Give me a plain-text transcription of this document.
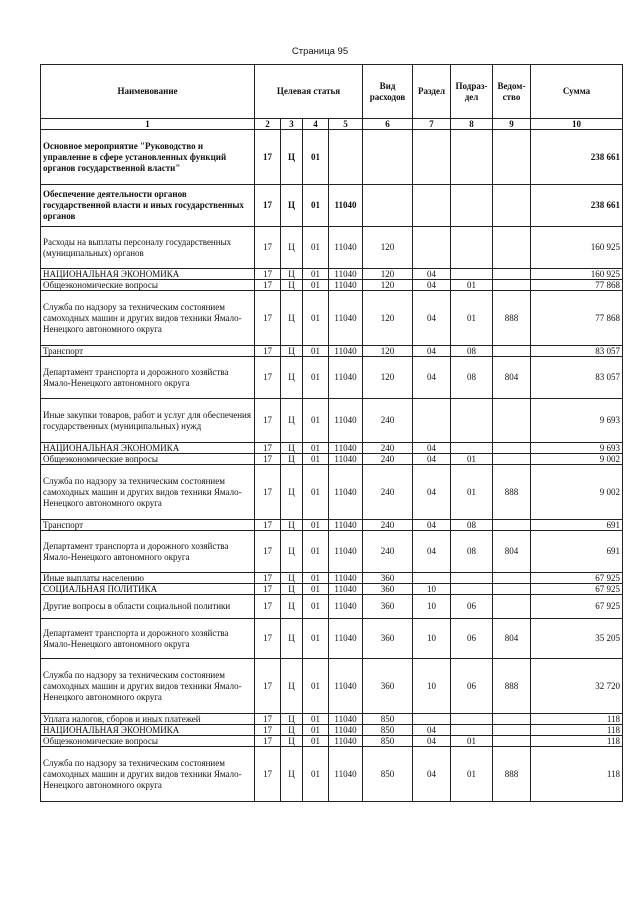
Страница 95
Наименование	Целевая статья				Вид расходов	Раздел	Подраз-дел	Ведом-ство	Сумма
1	2	3	4	5	6	7	8	9	10
Основное мероприятие "Руководство и управление в сфере установленных функций органов государственной власти"	17	Ц	01						238 661
Обеспечение деятельности органов государственной власти и иных государственных органов	17	Ц	01	11040					238 661
Расходы на выплаты персоналу государственных (муниципальных) органов	17	Ц	01	11040	120				160 925
НАЦИОНАЛЬНАЯ ЭКОНОМИКА	17	Ц	01	11040	120	04			160 925
Общеэкономические вопросы	17	Ц	01	11040	120	04	01		77 868
Служба по надзору за техническим состоянием самоходных машин и других видов техники Ямало-Ненецкого автономного округа	17	Ц	01	11040	120	04	01	888	77 868
Транспорт	17	Ц	01	11040	120	04	08		83 057
Департамент транспорта и дорожного хозяйства Ямало-Ненецкого автономного округа	17	Ц	01	11040	120	04	08	804	83 057
Иные закупки товаров, работ и услуг для обеспечения государственных (муниципальных) нужд	17	Ц	01	11040	240				9 693
НАЦИОНАЛЬНАЯ ЭКОНОМИКА	17	Ц	01	11040	240	04			9 693
Общеэкономические вопросы	17	Ц	01	11040	240	04	01		9 002
Служба по надзору за техническим состоянием самоходных машин и других видов техники Ямало-Ненецкого автономного округа	17	Ц	01	11040	240	04	01	888	9 002
Транспорт	17	Ц	01	11040	240	04	08		691
Департамент транспорта и дорожного хозяйства Ямало-Ненецкого автономного округа	17	Ц	01	11040	240	04	08	804	691
Иные выплаты населению	17	Ц	01	11040	360				67 925
СОЦИАЛЬНАЯ ПОЛИТИКА	17	Ц	01	11040	360	10			67 925
Другие вопросы в области социальной политики	17	Ц	01	11040	360	10	06		67 925
Департамент транспорта и дорожного хозяйства Ямало-Ненецкого автономного округа	17	Ц	01	11040	360	10	06	804	35 205
Служба по надзору за техническим состоянием самоходных машин и других видов техники Ямало-Ненецкого автономного округа	17	Ц	01	11040	360	10	06	888	32 720
Уплата налогов, сборов и иных платежей	17	Ц	01	11040	850				118
НАЦИОНАЛЬНАЯ ЭКОНОМИКА	17	Ц	01	11040	850	04			118
Общеэкономические вопросы	17	Ц	01	11040	850	04	01		118
Служба по надзору за техническим состоянием самоходных машин и других видов техники Ямало-Ненецкого автономного округа	17	Ц	01	11040	850	04	01	888	118
